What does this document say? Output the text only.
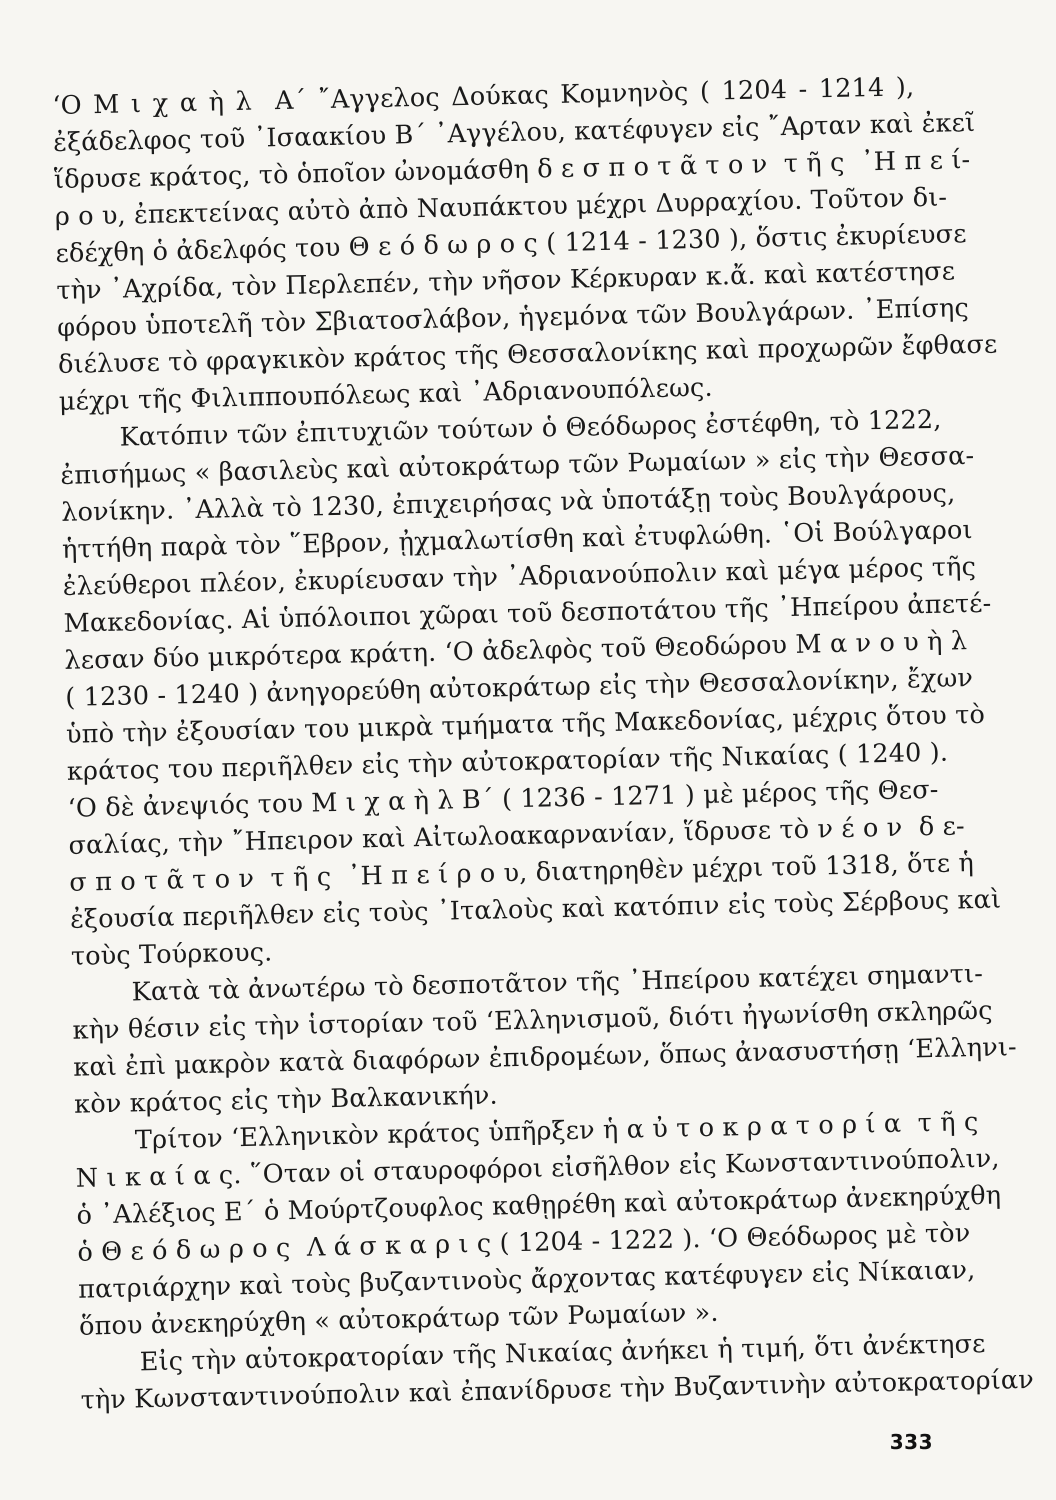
‘Ο Μ ι χ α ὴ λ  Α΄ ῎Αγγελος Δούκας Κομνηνὸς ( 1204 - 1214 ),
ἐξάδελφος τοῦ ᾽Ισαακίου Β΄ ᾽Αγγέλου, κατέφυγεν εἰς ῎Αρταν καὶ ἐκεῖ
ἵδρυσε κράτος, τὸ ὁποῖον ὠνομάσθη δ ε σ π ο τ ᾶ τ ο ν  τ ῆ ς  ᾽Η π ε ί-
ρ ο υ, ἐπεκτείνας αὐτὸ ἀπὸ Ναυπάκτου μέχρι Δυρραχίου. Τοῦτον δι-
εδέχθη ὁ ἀδελφός του Θ ε ό δ ω ρ ο ς ( 1214 - 1230 ), ὅστις ἐκυρίευσε
τὴν ᾽Αχρίδα, τὸν Περλεπέν, τὴν νῆσον Κέρκυραν κ.ἄ. καὶ κατέστησε
φόρου ὑποτελῆ τὸν Σβιατοσλάβον, ἡγεμόνα τῶν Βουλγάρων. ᾽Επίσης
διέλυσε τὸ φραγκικὸν κράτος τῆς Θεσσαλονίκης καὶ προχωρῶν ἔφθασε
μέχρι τῆς Φιλιππουπόλεως καὶ ᾽Αδριανουπόλεως.
Κατόπιν τῶν ἐπιτυχιῶν τούτων ὁ Θεόδωρος ἐστέφθη, τὸ 1222,
ἐπισήμως « βασιλεὺς καὶ αὐτοκράτωρ τῶν Ρωμαίων » εἰς τὴν Θεσσα-
λονίκην. ᾽Αλλὰ τὸ 1230, ἐπιχειρήσας νὰ ὑποτάξῃ τοὺς Βουλγάρους,
ἡττήθη παρὰ τὸν ῞Εβρον, ᾐχμαλωτίσθη καὶ ἐτυφλώθη. ῾Οἱ Βούλγαροι
ἐλεύθεροι πλέον, ἐκυρίευσαν τὴν ᾽Αδριανούπολιν καὶ μέγα μέρος τῆς
Μακεδονίας. Αἱ ὑπόλοιποι χῶραι τοῦ δεσποτάτου τῆς ᾽Ηπείρου ἀπετέ-
λεσαν δύο μικρότερα κράτη. ‘Ο ἀδελφὸς τοῦ Θεοδώρου Μ α ν ο υ ὴ λ
( 1230 - 1240 ) ἀνηγορεύθη αὐτοκράτωρ εἰς τὴν Θεσσαλονίκην, ἔχων
ὑπὸ τὴν ἐξουσίαν του μικρὰ τμήματα τῆς Μακεδονίας, μέχρις ὅτου τὸ
κράτος του περιῆλθεν εἰς τὴν αὐτοκρατορίαν τῆς Νικαίας ( 1240 ).
‘Ο δὲ ἀνεψιός του Μ ι χ α ὴ λ Β΄ ( 1236 - 1271 ) μὲ μέρος τῆς Θεσ-
σαλίας, τὴν ῎Ηπειρον καὶ Αἰτωλοακαρνανίαν, ἵδρυσε τὸ ν έ ο ν  δ ε-
σ π ο τ ᾶ τ ο ν  τ ῆ ς  ᾽Η π ε ί ρ ο υ, διατηρηθὲν μέχρι τοῦ 1318, ὅτε ἡ
ἐξουσία περιῆλθεν εἰς τοὺς ᾽Ιταλοὺς καὶ κατόπιν εἰς τοὺς Σέρβους καὶ
τοὺς Τούρκους.
Κατὰ τὰ ἀνωτέρω τὸ δεσποτᾶτον τῆς ᾽Ηπείρου κατέχει σημαντι-
κὴν θέσιν εἰς τὴν ἱστορίαν τοῦ ‘Ελληνισμοῦ, διότι ἠγωνίσθη σκληρῶς
καὶ ἐπὶ μακρὸν κατὰ διαφόρων ἐπιδρομέων, ὅπως ἀνασυστήσῃ ‘Ελληνι-
κὸν κράτος εἰς τὴν Βαλκανικήν.
Τρίτον ‘Ελληνικὸν κράτος ὑπῆρξεν ἡ α ὐ τ ο κ ρ α τ ο ρ ί α  τ ῆ ς
Ν ι κ α ί α ς. ῞Οταν οἱ σταυροφόροι εἰσῆλθον εἰς Κωνσταντινούπολιν,
ὁ ᾽Αλέξιος Ε΄ ὁ Μούρτζουφλος καθῃρέθη καὶ αὐτοκράτωρ ἀνεκηρύχθη
ὁ Θ ε ό δ ω ρ ο ς  Λ ά σ κ α ρ ι ς ( 1204 - 1222 ). ‘Ο Θεόδωρος μὲ τὸν
πατριάρχην καὶ τοὺς βυζαντινοὺς ἄρχοντας κατέφυγεν εἰς Νίκαιαν,
ὅπου ἀνεκηρύχθη « αὐτοκράτωρ τῶν Ρωμαίων ».
Εἰς τὴν αὐτοκρατορίαν τῆς Νικαίας ἀνήκει ἡ τιμή, ὅτι ἀνέκτησε
τὴν Κωνσταντινούπολιν καὶ ἐπανίδρυσε τὴν Βυζαντινὴν αὐτοκρατορίαν
333
